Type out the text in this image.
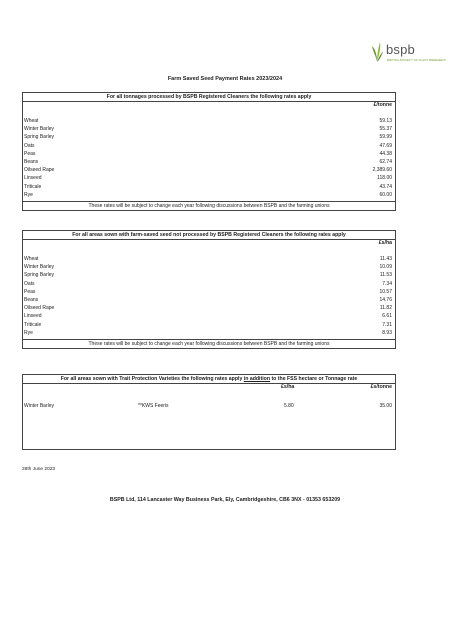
bspb
BRITISH SOCIETY OF PLANT BREEDERS
Farm Saved Seed Payment Rates 2023/2024
For all tonnages processed by BSPB Registered Cleaners the following rates apply
£/tonne
Wheat	59.13
Winter Barley	55.37
Spring Barley	59.99
Oats	47.69
Peas	44.38
Beans	62.74
Oilseed Rape	2,389.60
Linseed	118.00
Triticale	43.74
Rye	60.00
These rates will be subject to change each year following discussions between BSPB and the farming unions
For all areas sown with farm-saved seed not processed by BSPB Registered Cleaners the following rates apply
£s/ha
Wheat	11.43
Winter Barley	10.09
Spring Barley	11.53
Oats	7.34
Peas	10.57
Beans	14.76
Oilseed Rape	11.82
Linseed	6.61
Triticale	7.31
Rye	8.93
These rates will be subject to change each year following discussions between BSPB and the farming unions
For all areas sown with Trait Protection Varieties the following rates apply in addition to the FSS hectare or Tonnage rate
£s/ha	£s/tonne
Winter Barley	**KWS Feeris	5.80	35.00
28th June 2023
BSPB Ltd, 114 Lancaster Way Business Park, Ely, Cambridgeshire, CB6 3NX - 01353 653209
